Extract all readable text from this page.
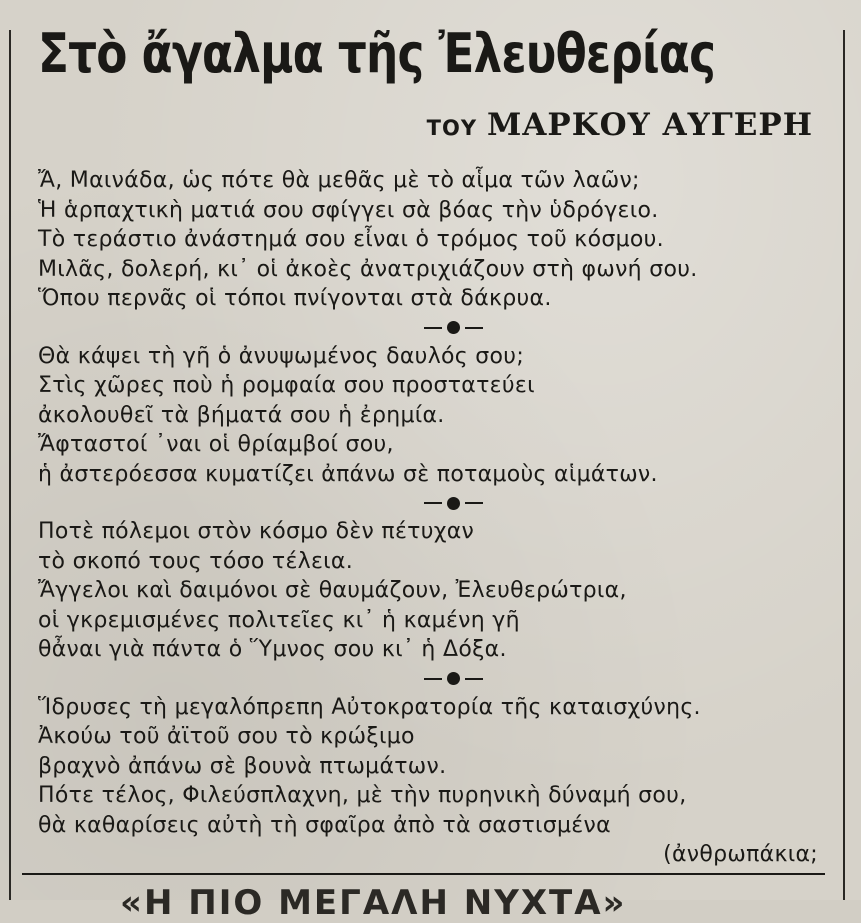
Στὸ ἄγαλμα τῆς Ἐλευθερίας
ΤΟΥ ΜΑΡΚΟΥ ΑΥΓΕΡΗ
Ἄ, Μαινάδα, ὡς πότε θὰ μεθᾶς μὲ τὸ αἷμα τῶν λαῶν;
Ἡ ἁρπαχτικὴ ματιά σου σφίγγει σὰ βόας τὴν ὑδρόγειο.
Τὸ τεράστιο ἀνάστημά σου εἶναι ὁ τρόμος τοῦ κόσμου.
Μιλᾶς, δολερή, κι᾽ οἱ ἀκοὲς ἀνατριχιάζουν στὴ φωνή σου.
Ὅπου περνᾶς οἱ τόποι πνίγονται στὰ δάκρυα.
Θὰ κάψει τὴ γῆ ὁ ἀνυψωμένος δαυλός σου;
Στὶς χῶρες ποὺ ἡ ρομφαία σου προστατεύει
ἀκολουθεῖ τὰ βήματά σου ἡ ἐρημία.
Ἄφταστοί ᾽ναι οἱ θρίαμβοί σου,
ἡ ἀστερόεσσα κυματίζει ἀπάνω σὲ ποταμοὺς αἱμάτων.
Ποτὲ πόλεμοι στὸν κόσμο δὲν πέτυχαν
τὸ σκοπό τους τόσο τέλεια.
Ἄγγελοι καὶ δαιμόνοι σὲ θαυμάζουν, Ἐλευθερώτρια,
οἱ γκρεμισμένες πολιτεῖες κι᾽ ἡ καμένη γῆ
θἆναι γιὰ πάντα ὁ Ὕμνος σου κι᾽ ἡ Δόξα.
Ἵδρυσες τὴ μεγαλόπρεπη Αὐτοκρατορία τῆς καταισχύνης.
Ἀκούω τοῦ ἀϊτοῦ σου τὸ κρώξιμο
βραχνὸ ἀπάνω σὲ βουνὰ πτωμάτων.
Πότε τέλος, Φιλεύσπλαχνη, μὲ τὴν πυρηνικὴ δύναμή σου,
θὰ καθαρίσεις αὐτὴ τὴ σφαῖρα ἀπὸ τὰ σαστισμένα
(ἀνθρωπάκια;
«Η ΠΙΟ ΜΕΓΑΛΗ ΝΥΧΤΑ»
